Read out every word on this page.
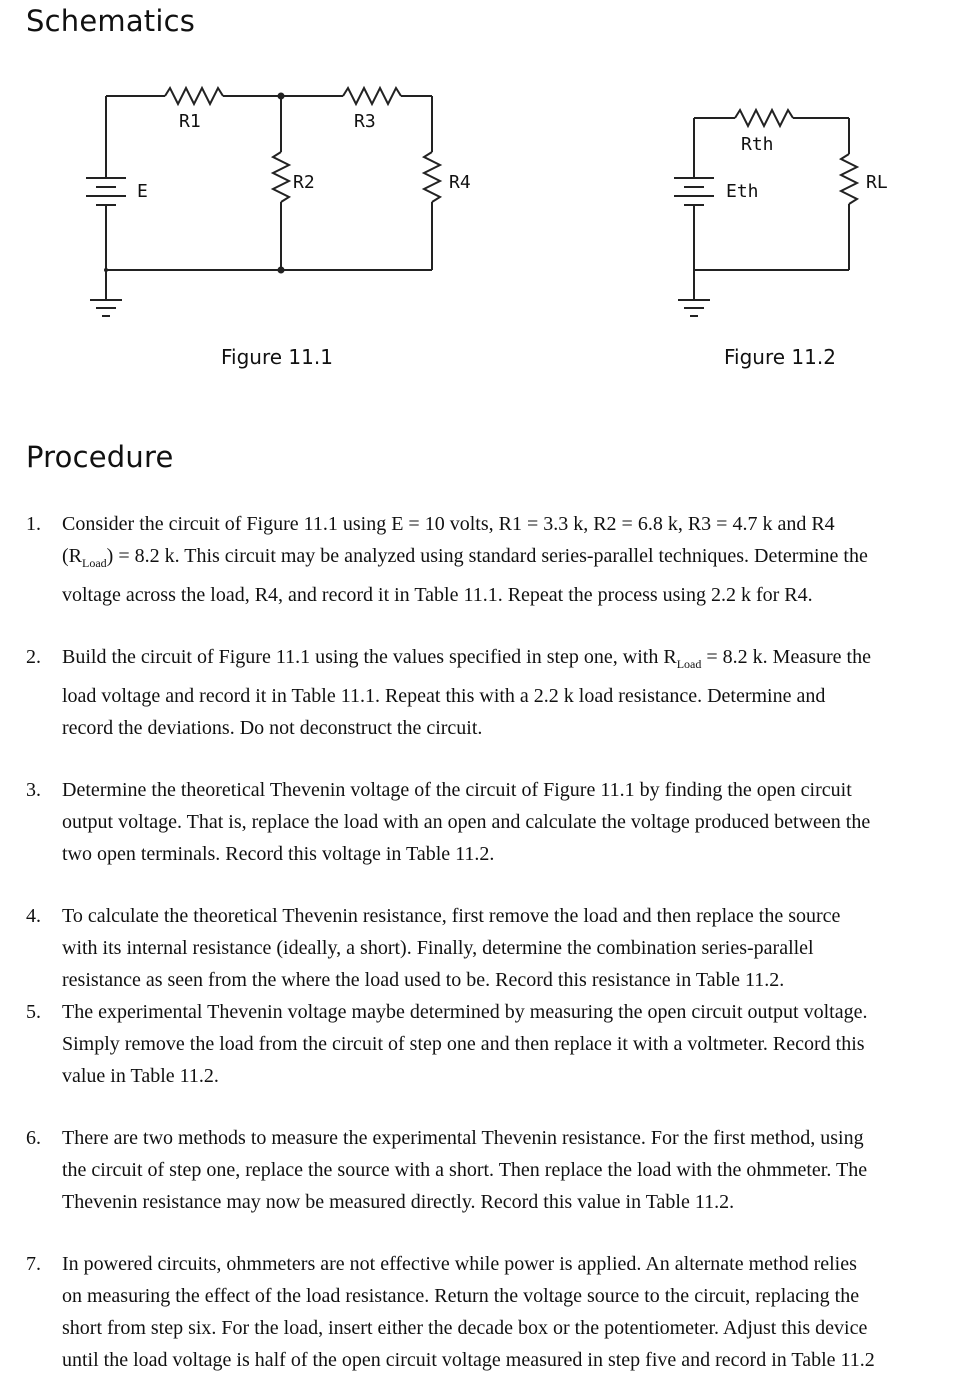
Schematics
R1	R3
R2	R4
E
Rth
Eth	RL
Figure 11.1	Figure 11.2
Procedure
1. Consider the circuit of Figure 11.1 using E = 10 volts, R1 = 3.3 k, R2 = 6.8 k, R3 = 4.7 k and R4
$(R_{Load}) = 8.2$ k. This circuit may be analyzed using standard series-parallel techniques. Determine the
voltage across the load, R4, and record it in Table 11.1. Repeat the process using 2.2 k for R4.
2. Build the circuit of Figure 11.1 using the values specified in step one, with $R_{Load} = 8.2$ k. Measure the
load voltage and record it in Table 11.1. Repeat this with a 2.2 k load resistance. Determine and
record the deviations. Do not deconstruct the circuit.
3. Determine the theoretical Thevenin voltage of the circuit of Figure 11.1 by finding the open circuit
output voltage. That is, replace the load with an open and calculate the voltage produced between the
two open terminals. Record this voltage in Table 11.2.
4. To calculate the theoretical Thevenin resistance, first remove the load and then replace the source
with its internal resistance (ideally, a short). Finally, determine the combination series-parallel
resistance as seen from the where the load used to be. Record this resistance in Table 11.2.
5. The experimental Thevenin voltage maybe determined by measuring the open circuit output voltage.
Simply remove the load from the circuit of step one and then replace it with a voltmeter. Record this
value in Table 11.2.
6. There are two methods to measure the experimental Thevenin resistance. For the first method, using
the circuit of step one, replace the source with a short. Then replace the load with the ohmmeter. The
Thevenin resistance may now be measured directly. Record this value in Table 11.2.
7. In powered circuits, ohmmeters are not effective while power is applied. An alternate method relies
on measuring the effect of the load resistance. Return the voltage source to the circuit, replacing the
short from step six. For the load, insert either the decade box or the potentiometer. Adjust this device
until the load voltage is half of the open circuit voltage measured in step five and record in Table 11.2
